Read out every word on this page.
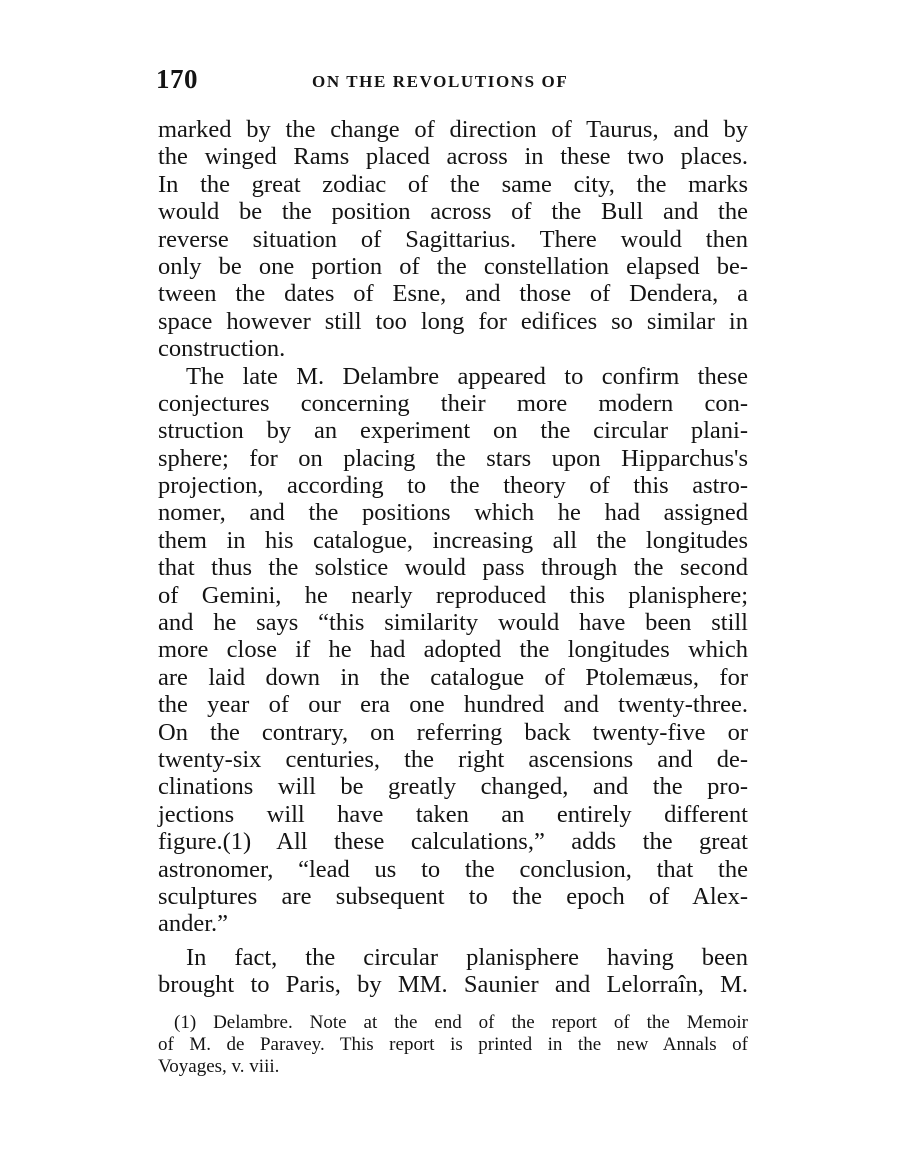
170	ON THE REVOLUTIONS OF
marked by the change of direction of Taurus, and by
the winged Rams placed across in these two places.
In the great zodiac of the same city, the marks
would be the position across of the Bull and the
reverse situation of Sagittarius. There would then
only be one portion of the constellation elapsed be-
tween the dates of Esne, and those of Dendera, a
space however still too long for edifices so similar in
construction.
The late M. Delambre appeared to confirm these
conjectures concerning their more modern con-
struction by an experiment on the circular plani-
sphere; for on placing the stars upon Hipparchus's
projection, according to the theory of this astro-
nomer, and the positions which he had assigned
them in his catalogue, increasing all the longitudes
that thus the solstice would pass through the second
of Gemini, he nearly reproduced this planisphere;
and he says “this similarity would have been still
more close if he had adopted the longitudes which
are laid down in the catalogue of Ptolemæus, for
the year of our era one hundred and twenty-three.
On the contrary, on referring back twenty-five or
twenty-six centuries, the right ascensions and de-
clinations will be greatly changed, and the pro-
jections will have taken an entirely different
figure.(1) All these calculations,” adds the great
astronomer, “lead us to the conclusion, that the
sculptures are subsequent to the epoch of Alex-
ander.”
In fact, the circular planisphere having been
brought to Paris, by MM. Saunier and Lelorraîn, M.
(1) Delambre. Note at the end of the report of the Memoir
of M. de Paravey. This report is printed in the new Annals of
Voyages, v. viii.
